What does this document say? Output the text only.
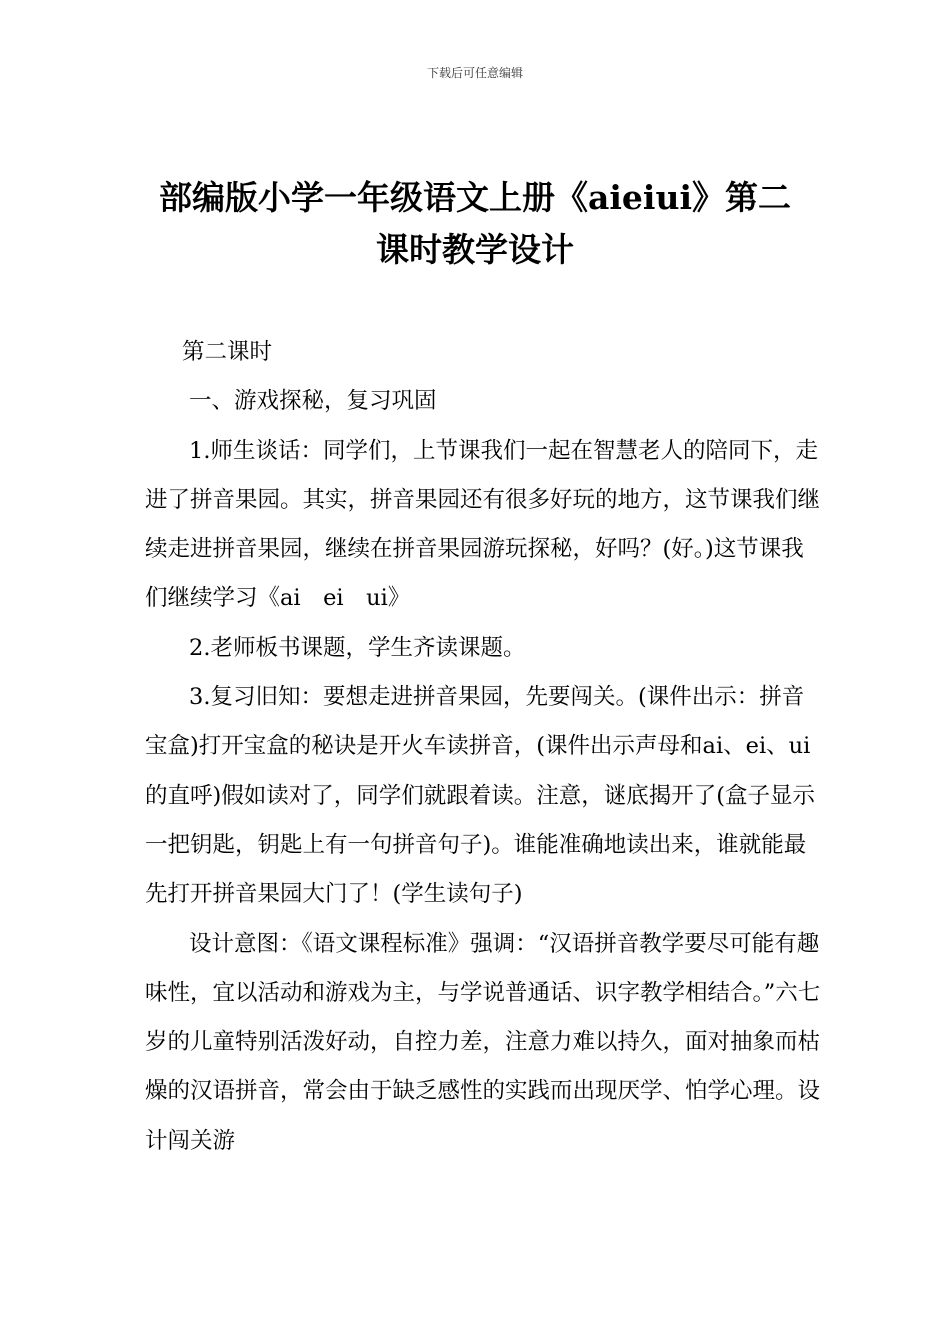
下载后可任意编辑
部编版小学一年级语文上册《aieiui》第二
课时教学设计

第二课时

一、游戏探秘，复习巩固

1.师生谈话：同学们，上节课我们一起在智慧老人的陪同下，走进了拼音果园。其实，拼音果园还有很多好玩的地方，这节课我们继续走进拼音果园，继续在拼音果园游玩探秘，好吗？(好。)这节课我们继续学习《ai　ei　ui》

2.老师板书课题，学生齐读课题。

3.复习旧知：要想走进拼音果园，先要闯关。(课件出示：拼音宝盒)打开宝盒的秘诀是开火车读拼音，(课件出示声母和ai、ei、ui的直呼)假如读对了，同学们就跟着读。注意，谜底揭开了(盒子显示一把钥匙，钥匙上有一句拼音句子)。谁能准确地读出来，谁就能最先打开拼音果园大门了！(学生读句子)

设计意图：《语文课程标准》强调：“汉语拼音教学要尽可能有趣味性，宜以活动和游戏为主，与学说普通话、识字教学相结合。”六七岁的儿童特别活泼好动，自控力差，注意力难以持久，面对抽象而枯燥的汉语拼音，常会由于缺乏感性的实践而出现厌学、怕学心理。设计闯关游
